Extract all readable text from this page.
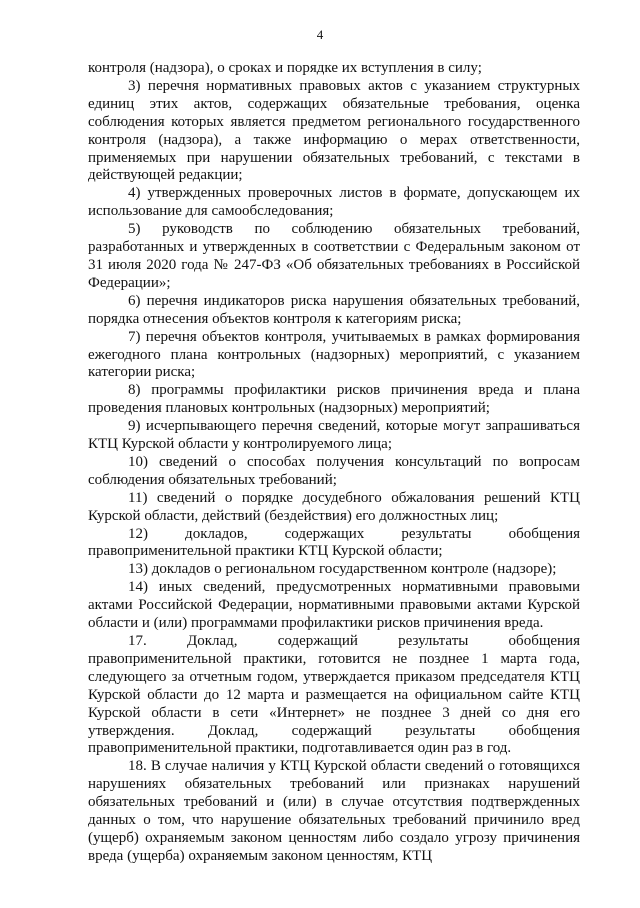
4

контроля (надзора), о сроках и порядке их вступления в силу;

3) перечня нормативных правовых актов с указанием структурных единиц этих актов, содержащих обязательные требования, оценка соблюдения которых является предметом регионального государственного контроля (надзора), а также информацию о мерах ответственности, применяемых при нарушении обязательных требований, с текстами в действующей редакции;

4) утвержденных проверочных листов в формате, допускающем их использование для самообследования;

5) руководств по соблюдению обязательных требований, разработанных и утвержденных в соответствии с Федеральным законом от 31 июля 2020 года № 247-ФЗ «Об обязательных требованиях в Российской Федерации»;

6) перечня индикаторов риска нарушения обязательных требований, порядка отнесения объектов контроля к категориям риска;

7) перечня объектов контроля, учитываемых в рамках формирования ежегодного плана контрольных (надзорных) мероприятий, с указанием категории риска;

8) программы профилактики рисков причинения вреда и плана проведения плановых контрольных (надзорных) мероприятий;

9) исчерпывающего перечня сведений, которые могут запрашиваться КТЦ Курской области у контролируемого лица;

10) сведений о способах получения консультаций по вопросам соблюдения обязательных требований;

11) сведений о порядке досудебного обжалования решений КТЦ Курской области, действий (бездействия) его должностных лиц;

12) докладов, содержащих результаты обобщения правоприменительной практики КТЦ Курской области;

13) докладов о региональном государственном контроле (надзоре);

14) иных сведений, предусмотренных нормативными правовыми актами Российской Федерации, нормативными правовыми актами Курской области и (или) программами профилактики рисков причинения вреда.

17. Доклад, содержащий результаты обобщения правоприменительной практики, готовится не позднее 1 марта года, следующего за отчетным годом, утверждается приказом председателя КТЦ Курской области до 12 марта и размещается на официальном сайте КТЦ Курской области в сети «Интернет» не позднее 3 дней со дня его утверждения. Доклад, содержащий результаты обобщения правоприменительной практики, подготавливается один раз в год.

18. В случае наличия у КТЦ Курской области сведений о готовящихся нарушениях обязательных требований или признаках нарушений обязательных требований и (или) в случае отсутствия подтвержденных данных о том, что нарушение обязательных требований причинило вред (ущерб) охраняемым законом ценностям либо создало угрозу причинения вреда (ущерба) охраняемым законом ценностям, КТЦ
